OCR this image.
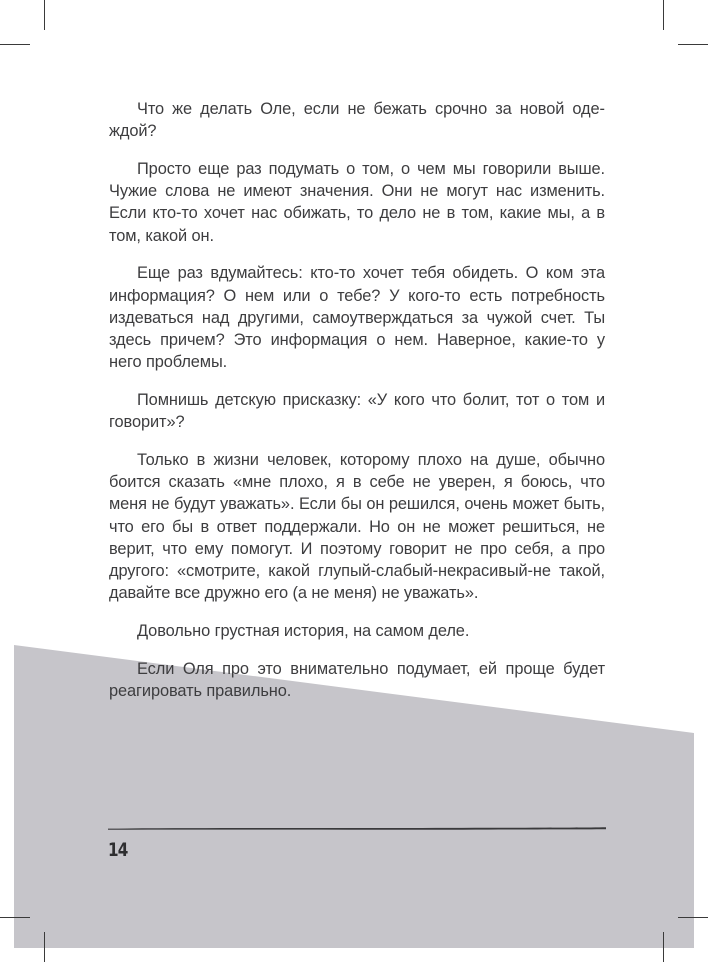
Что же делать Оле, если не бежать срочно за новой одеждой?

Просто еще раз подумать о том, о чем мы говорили выше. Чужие слова не имеют значения. Они не могут нас изменить. Если кто-то хочет нас обижать, то дело не в том, какие мы, а в том, какой он.

Еще раз вдумайтесь: кто-то хочет тебя обидеть. О ком эта информация? О нем или о тебе? У кого-то есть потребность издеваться над другими, самоутверждаться за чужой счет. Ты здесь причем? Это информация о нем. Наверное, какие-то у него проблемы.

Помнишь детскую присказку: «У кого что болит, тот о том и говорит»?

Только в жизни человек, которому плохо на душе, обычно боится сказать «мне плохо, я в себе не уверен, я боюсь, что меня не будут уважать». Если бы он решился, очень может быть, что его бы в ответ поддержали. Но он не может решиться, не верит, что ему помогут. И поэтому говорит не про себя, а про другого: «смотрите, какой глупый-слабый-некрасивый-не такой, давайте все дружно его (а не меня) не уважать».

Довольно грустная история, на самом деле.

Если Оля про это внимательно подумает, ей проще будет реагировать правильно.

14
